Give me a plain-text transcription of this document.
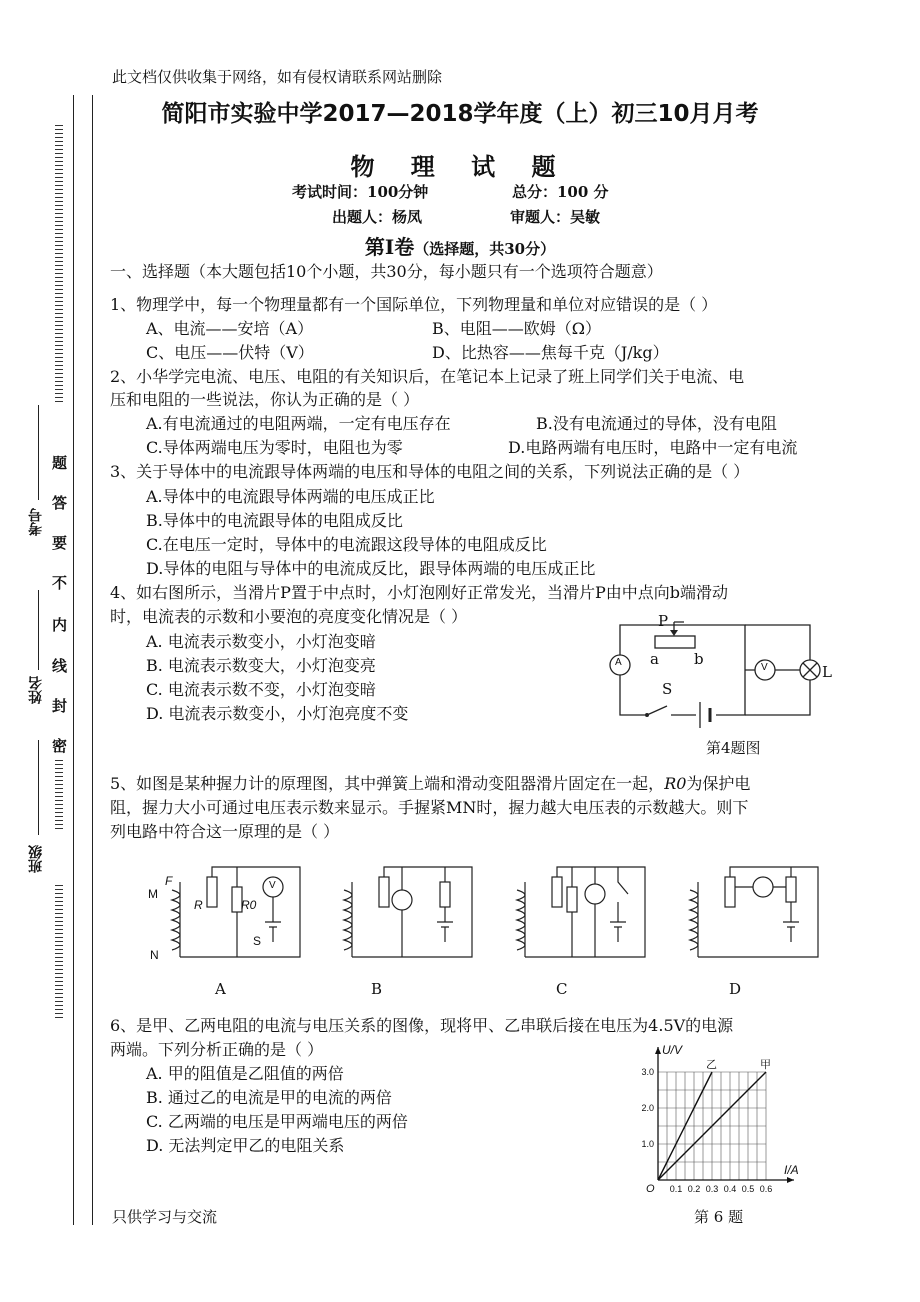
此文档仅供收集于网络，如有侵权请联系网站删除
考号
姓名
班级
题
答
要
不
内
线
封
密
简阳市实验中学2017—2018学年度（上）初三10月月考
物 理 试 题
考试时间：100分钟	总分：100 分
出题人：杨凤	审题人：吴敏
第Ⅰ卷（选择题，共30分）
一、选择题（本大题包括10个小题，共30分，每小题只有一个选项符合题意）
1、物理学中，每一个物理量都有一个国际单位，下列物理量和单位对应错误的是（ ）
A、电流——安培（A）	B、电阻——欧姆（Ω）
C、电压——伏特（V）	D、比热容——焦每千克（J/kg）
2、小华学完电流、电压、电阻的有关知识后，在笔记本上记录了班上同学们关于电流、电
压和电阻的一些说法，你认为正确的是（ ）
A.有电流通过的电阻两端，一定有电压存在	B.没有电流通过的导体，没有电阻
C.导体两端电压为零时，电阻也为零	D.电路两端有电压时，电路中一定有电流
3、关于导体中的电流跟导体两端的电压和导体的电阻之间的关系，下列说法正确的是（ ）
A.导体中的电流跟导体两端的电压成正比
B.导体中的电流跟导体的电阻成反比
C.在电压一定时，导体中的电流跟这段导体的电阻成反比
D.导体的电阻与导体中的电流成反比，跟导体两端的电压成正比
4、如右图所示，当滑片P置于中点时，小灯泡刚好正常发光，当滑片P由中点向b端滑动
时，电流表的示数和小要泡的亮度变化情况是（ ）
A. 电流表示数变小，小灯泡变暗
B. 电流表示数变大，小灯泡变亮
C. 电流表示数不变，小灯泡变暗
D. 电流表示数变小，小灯泡亮度不变
P
a b
S
L
A	V
第4题图
5、如图是某种握力计的原理图，其中弹簧上端和滑动变阻器滑片固定在一起，R0为保护电
阻，握力大小可通过电压表示数来显示。手握紧MN时，握力越大电压表的示数越大。则下
列电路中符合这一原理的是（ ）
A	B	C	D
M
N
F
R	R0
S
V
6、是甲、乙两电阻的电流与电压关系的图像，现将甲、乙串联后接在电压为4.5V的电源
两端。下列分析正确的是（ ）
A. 甲的阻值是乙阻值的两倍
B. 通过乙的电流是甲的电流的两倍
C. 乙两端的电压是甲两端电压的两倍
D. 无法判定甲乙的电阻关系
0.1 0.2 0.3 0.4 0.5 0.6
1.0
2.0
3.0
O
I/A
U/V
乙	甲
第 6 题
只供学习与交流
